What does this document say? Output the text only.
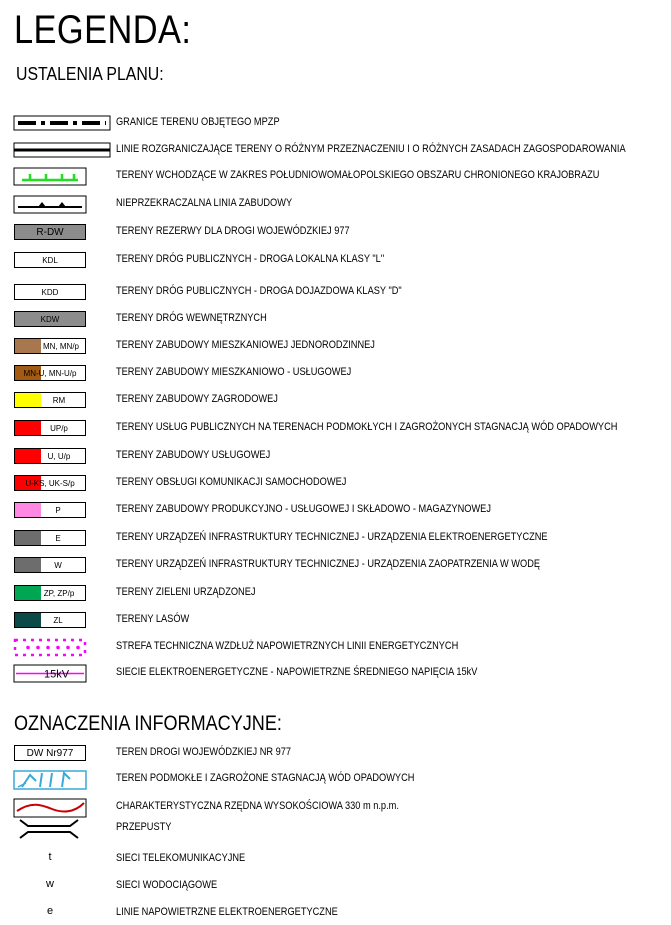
LEGENDA:
USTALENIA PLANU:
GRANICE TERENU OBJĘTEGO MPZP
LINIE ROZGRANICZAJĄCE TERENY O RÓŻNYM PRZEZNACZENIU I O RÓŻNYCH ZASADACH ZAGOSPODAROWANIA
TERENY WCHODZĄCE W ZAKRES POŁUDNIOWOMAŁOPOLSKIEGO OBSZARU CHRONIONEGO KRAJOBRAZU
NIEPRZEKRACZALNA LINIA ZABUDOWY
R-DW	TERENY REZERWY DLA DROGI WOJEWÓDZKIEJ 977
KDL	TERENY DRÓG PUBLICZNYCH - DROGA LOKALNA KLASY "L"
KDD	TERENY DRÓG PUBLICZNYCH - DROGA DOJAZDOWA KLASY "D"
KDW	TERENY DRÓG WEWNĘTRZNYCH
MN, MN/p	TERENY ZABUDOWY MIESZKANIOWEJ JEDNORODZINNEJ
MN-U, MN-U/p	TERENY ZABUDOWY MIESZKANIOWO - USŁUGOWEJ
RM	TERENY ZABUDOWY ZAGRODOWEJ
UP/p	TERENY USŁUG PUBLICZNYCH NA TERENACH PODMOKŁYCH I ZAGROŻONYCH STAGNACJĄ WÓD OPADOWYCH
U, U/p	TERENY ZABUDOWY USŁUGOWEJ
U-KS, UK-S/p	TERENY OBSŁUGI KOMUNIKACJI SAMOCHODOWEJ
P	TERENY ZABUDOWY PRODUKCYJNO - USŁUGOWEJ I SKŁADOWO - MAGAZYNOWEJ
E	TERENY URZĄDZEŃ INFRASTRUKTURY TECHNICZNEJ - URZĄDZENIA ELEKTROENERGETYCZNE
W	TERENY URZĄDZEŃ INFRASTRUKTURY TECHNICZNEJ - URZĄDZENIA ZAOPATRZENIA W WODĘ
ZP, ZP/p	TERENY ZIELENI URZĄDZONEJ
ZL	TERENY LASÓW
STREFA TECHNICZNA WZDŁUŻ NAPOWIETRZNYCH LINII ENERGETYCZNYCH
15kV	SIECIE ELEKTROENERGETYCZNE - NAPOWIETRZNE ŚREDNIEGO NAPIĘCIA 15kV
OZNACZENIA INFORMACYJNE:
DW Nr977	TEREN DROGI WOJEWÓDZKIEJ NR 977
TEREN PODMOKŁE I ZAGROŻONE STAGNACJĄ WÓD OPADOWYCH
CHARAKTERYSTYCZNA RZĘDNA WYSOKOŚCIOWA 330 m n.p.m.
PRZEPUSTY
t	SIECI TELEKOMUNIKACYJNE
w	SIECI WODOCIĄGOWE
e	LINIE NAPOWIETRZNE ELEKTROENERGETYCZNE
